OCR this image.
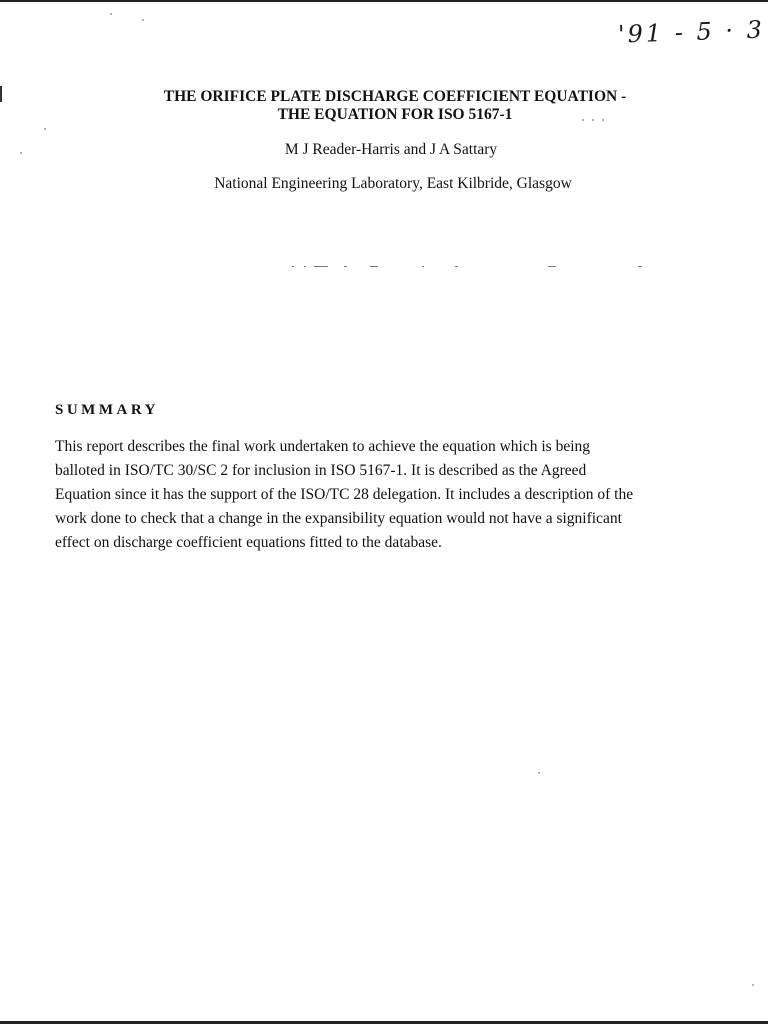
'91 - 5 · 3
THE ORIFICE PLATE DISCHARGE COEFFICIENT EQUATION -
THE EQUATION FOR ISO 5167-1
M J Reader-Harris and J A Sattary
National Engineering Laboratory, East Kilbride, Glasgow
SUMMARY
This report describes the final work undertaken to achieve the equation which is being
balloted in ISO/TC 30/SC 2 for inclusion in ISO 5167-1. It is described as the Agreed
Equation since it has the support of the ISO/TC 28 delegation. It includes a description of the
work done to check that a change in the expansibility equation would not have a significant
effect on discharge coefficient equations fitted to the database.
